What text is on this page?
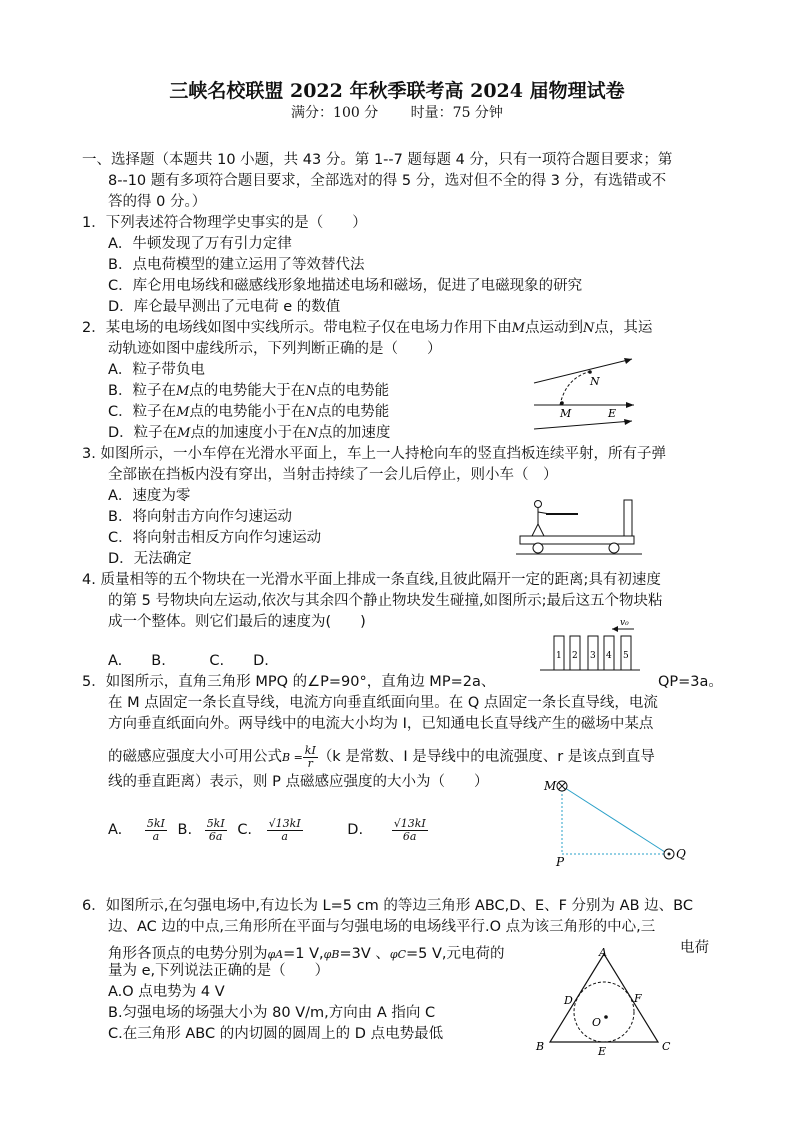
三峡名校联盟 2022 年秋季联考高 2024 届物理试卷
满分：100 分 时量：75 分钟
一、选择题（本题共 10 小题，共 43 分。第 1--7 题每题 4 分，只有一项符合题目要求；第
8--10 题有多项符合题目要求，全部选对的得 5 分，选对但不全的得 3 分，有选错或不
答的得 0 分。）
1．下列表述符合物理学史事实的是（　　）
A．牛顿发现了万有引力定律
B．点电荷模型的建立运用了等效替代法
C．库仑用电场线和磁感线形象地描述电场和磁场，促进了电磁现象的研究
D．库仑最早测出了元电荷 e 的数值
2．某电场的电场线如图中实线所示。带电粒子仅在电场力作用下由M点运动到N点，其运
动轨迹如图中虚线所示，下列判断正确的是（　　）
A．粒子带负电
B．粒子在M点的电势能大于在N点的电势能
C．粒子在M点的电势能小于在N点的电势能
D．粒子在M点的加速度小于在N点的加速度
N
M	E
3. 如图所示，一小车停在光滑水平面上，车上一人持枪向车的竖直挡板连续平射，所有子弹
全部嵌在挡板内没有穿出，当射击持续了一会儿后停止，则小车（　）
A．速度为零
B．将向射击方向作匀速运动
C．将向射击相反方向作匀速运动
D．无法确定
4. 质量相等的五个物块在一光滑水平面上排成一条直线,且彼此隔开一定的距离;具有初速度
的第 5 号物块向左运动,依次与其余四个静止物块发生碰撞,如图所示;最后这五个物块粘
成一个整体。则它们最后的速度为(　　)
A.　　B.　　　C.　　D.	1 2 3 4 5
v₀
5．如图所示，直角三角形 MPQ 的∠P=90°，直角边 MP=2a、	QP=3a。
在 M 点固定一条长直导线，电流方向垂直纸面向里。在 Q 点固定一条长直导线，电流
方向垂直纸面向外。两导线中的电流大小均为 I，已知通电长直导线产生的磁场中某点
的磁感应强度大小可用公式$B = \frac{kI}{r} (k$ 是常数、I 是导线中的电流强度、r 是该点到直导
线的垂直距离）表示，则 P 点磁感应强度的大小为（　　）
A. $\frac{5kI}{a} B$. $\frac{5kI}{6a} C$. $\frac{√13kI}{a}$	D.	$\frac{√13kI}{6a}$
M
P
Q
6．如图所示,在匀强电场中,有边长为 L=5 cm 的等边三角形 ABC,D、E、F 分别为 AB 边、BC
边、AC 边的中点,三角形所在平面与匀强电场的电场线平行.O 点为该三角形的中心,三
角形各顶点的电势分别为φA=1 V,φB=3V 、φC=5 V,元电荷的	电荷
量为 e,下列说法正确的是（　　）
A.O 点电势为 4 V
B.匀强电场的场强大小为 80 V/m,方向由 A 指向 C
C.在三角形 ABC 的内切圆的圆周上的 D 点电势最低
A
B	C
D
E
F
O
